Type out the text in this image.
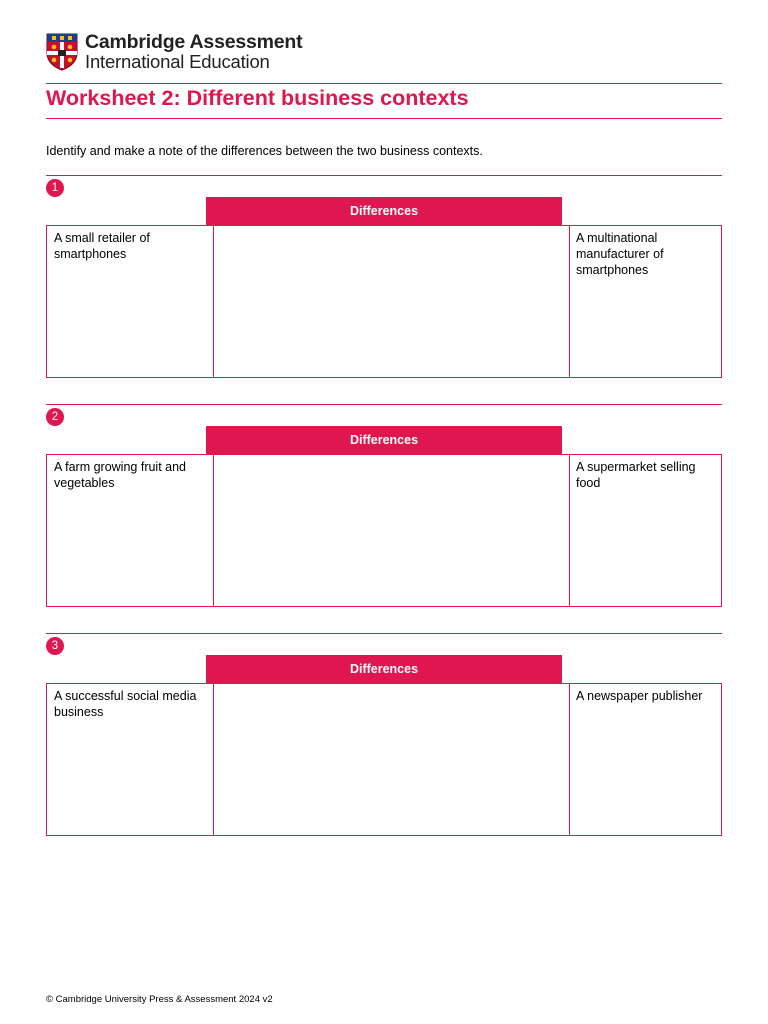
Cambridge Assessment
International Education
Worksheet 2: Different business contexts
Identify and make a note of the differences between the two business contexts.
1
Differences
A small retailer of smartphones
A multinational manufacturer of smartphones
2
Differences
A farm growing fruit and vegetables
A supermarket selling food
3
Differences
A successful social media business
A newspaper publisher
© Cambridge University Press & Assessment 2024 v2
